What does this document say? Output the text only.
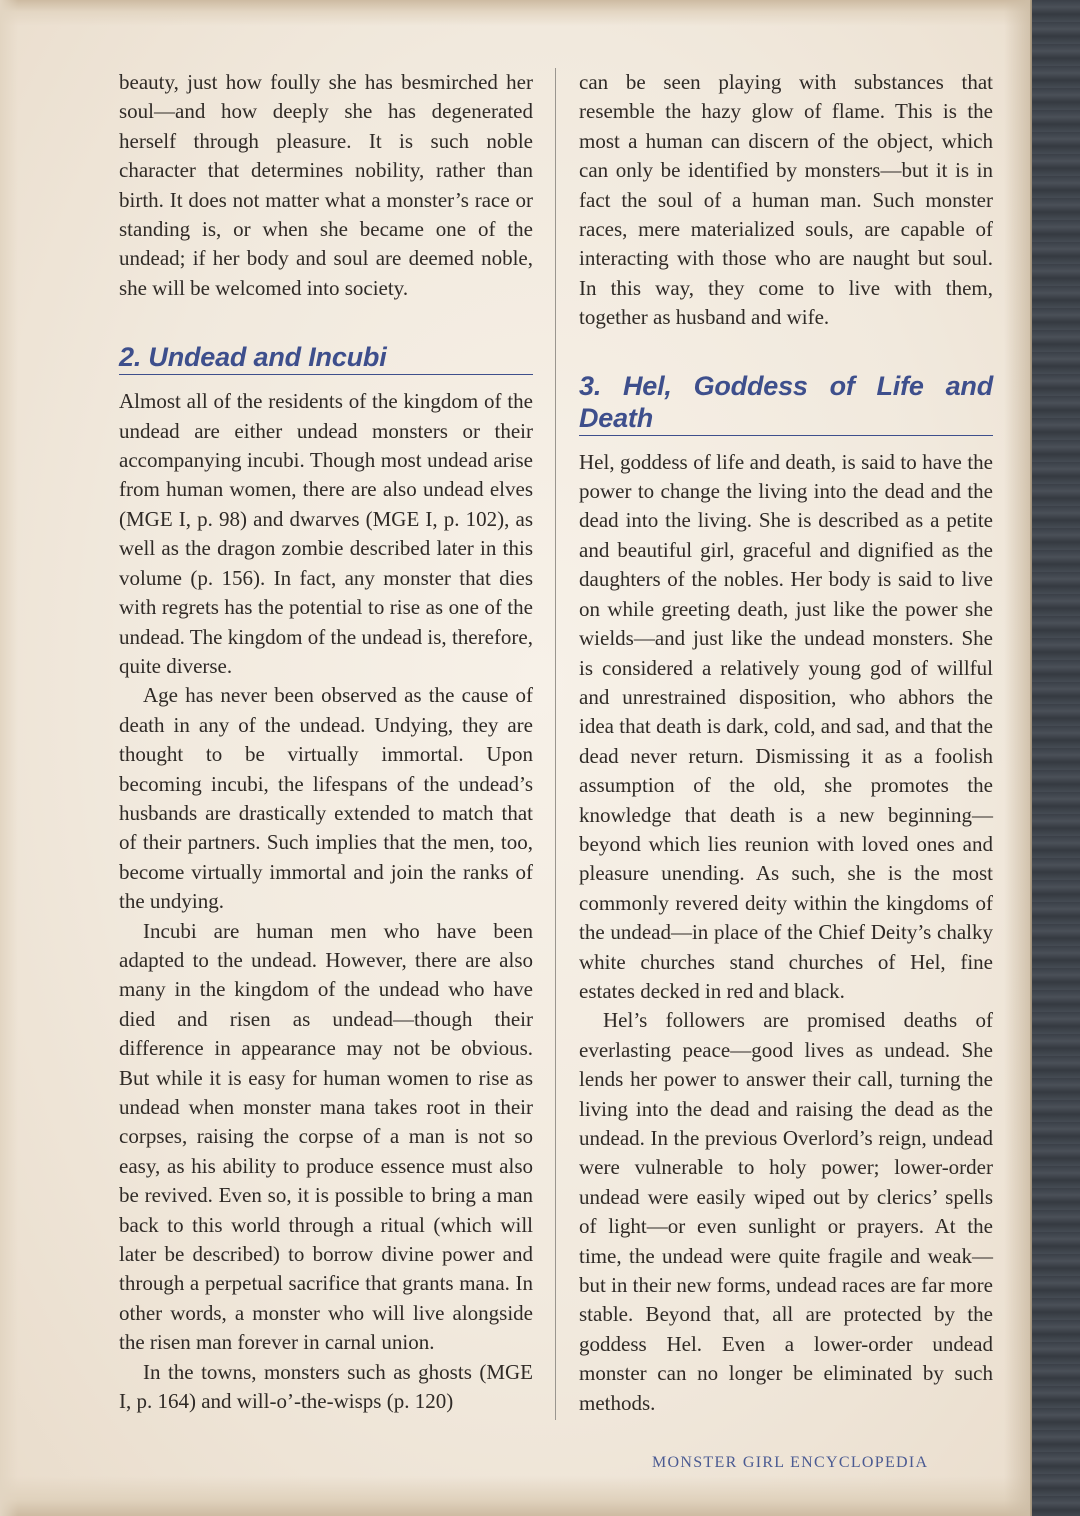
beauty, just how foully she has besmirched her soul—and how deeply she has degenerated herself through pleasure. It is such noble character that determines nobility, rather than birth. It does not matter what a monster’s race or standing is, or when she became one of the undead; if her body and soul are deemed noble, she will be welcomed into society.

2. Undead and Incubi

Almost all of the residents of the kingdom of the undead are either undead monsters or their accompanying incubi. Though most undead arise from human women, there are also undead elves (MGE I, p. 98) and dwarves (MGE I, p. 102), as well as the dragon zombie described later in this volume (p. 156). In fact, any monster that dies with regrets has the potential to rise as one of the undead. The kingdom of the undead is, therefore, quite diverse.

Age has never been observed as the cause of death in any of the undead. Undying, they are thought to be virtually immortal. Upon becoming incubi, the lifespans of the undead’s husbands are drastically extended to match that of their partners. Such implies that the men, too, become virtually immortal and join the ranks of the undying.

Incubi are human men who have been adapted to the undead. However, there are also many in the kingdom of the undead who have died and risen as undead—though their difference in appearance may not be obvious. But while it is easy for human women to rise as undead when monster mana takes root in their corpses, raising the corpse of a man is not so easy, as his ability to produce essence must also be revived. Even so, it is possible to bring a man back to this world through a ritual (which will later be described) to borrow divine power and through a perpetual sacrifice that grants mana. In other words, a monster who will live alongside the risen man forever in carnal union.

In the towns, monsters such as ghosts (MGE I, p. 164) and will-o’-the-wisps (p. 120)

can be seen playing with substances that resemble the hazy glow of flame. This is the most a human can discern of the object, which can only be identified by monsters—but it is in fact the soul of a human man. Such monster races, mere materialized souls, are capable of interacting with those who are naught but soul. In this way, they come to live with them, together as husband and wife.

3. Hel, Goddess of Life and Death

Hel, goddess of life and death, is said to have the power to change the living into the dead and the dead into the living. She is described as a petite and beautiful girl, graceful and dignified as the daughters of the nobles. Her body is said to live on while greeting death, just like the power she wields—and just like the undead monsters. She is considered a relatively young god of willful and unrestrained disposition, who abhors the idea that death is dark, cold, and sad, and that the dead never return. Dismissing it as a foolish assumption of the old, she promotes the knowledge that death is a new beginning—beyond which lies reunion with loved ones and pleasure unending. As such, she is the most commonly revered deity within the kingdoms of the undead—in place of the Chief Deity’s chalky white churches stand churches of Hel, fine estates decked in red and black.

Hel’s followers are promised deaths of everlasting peace—good lives as undead. She lends her power to answer their call, turning the living into the dead and raising the dead as the undead. In the previous Overlord’s reign, undead were vulnerable to holy power; lower-order undead were easily wiped out by clerics’ spells of light—or even sunlight or prayers. At the time, the undead were quite fragile and weak—but in their new forms, undead races are far more stable. Beyond that, all are protected by the goddess Hel. Even a lower-order undead monster can no longer be eliminated by such methods.

MONSTER GIRL ENCYCLOPEDIA
